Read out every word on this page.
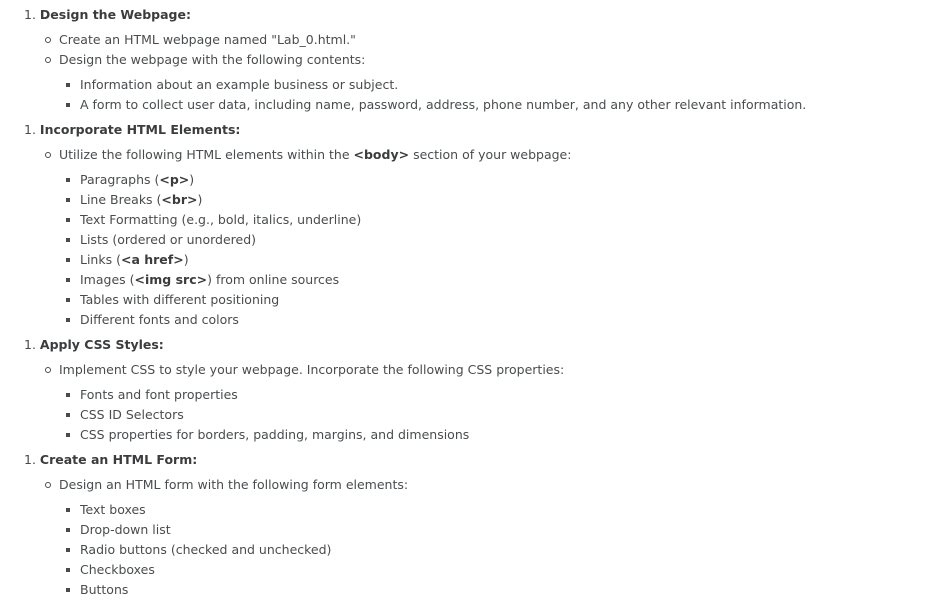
1. Design the Webpage:
Create an HTML webpage named "Lab_0.html."
Design the webpage with the following contents:
Information about an example business or subject.
A form to collect user data, including name, password, address, phone number, and any other relevant information.
1. Incorporate HTML Elements:
Utilize the following HTML elements within the <body> section of your webpage:
Paragraphs (<p>)
Line Breaks (<br>)
Text Formatting (e.g., bold, italics, underline)
Lists (ordered or unordered)
Links (<a href>)
Images (<img src>) from online sources
Tables with different positioning
Different fonts and colors
1. Apply CSS Styles:
Implement CSS to style your webpage. Incorporate the following CSS properties:
Fonts and font properties
CSS ID Selectors
CSS properties for borders, padding, margins, and dimensions
1. Create an HTML Form:
Design an HTML form with the following form elements:
Text boxes
Drop-down list
Radio buttons (checked and unchecked)
Checkboxes
Buttons
